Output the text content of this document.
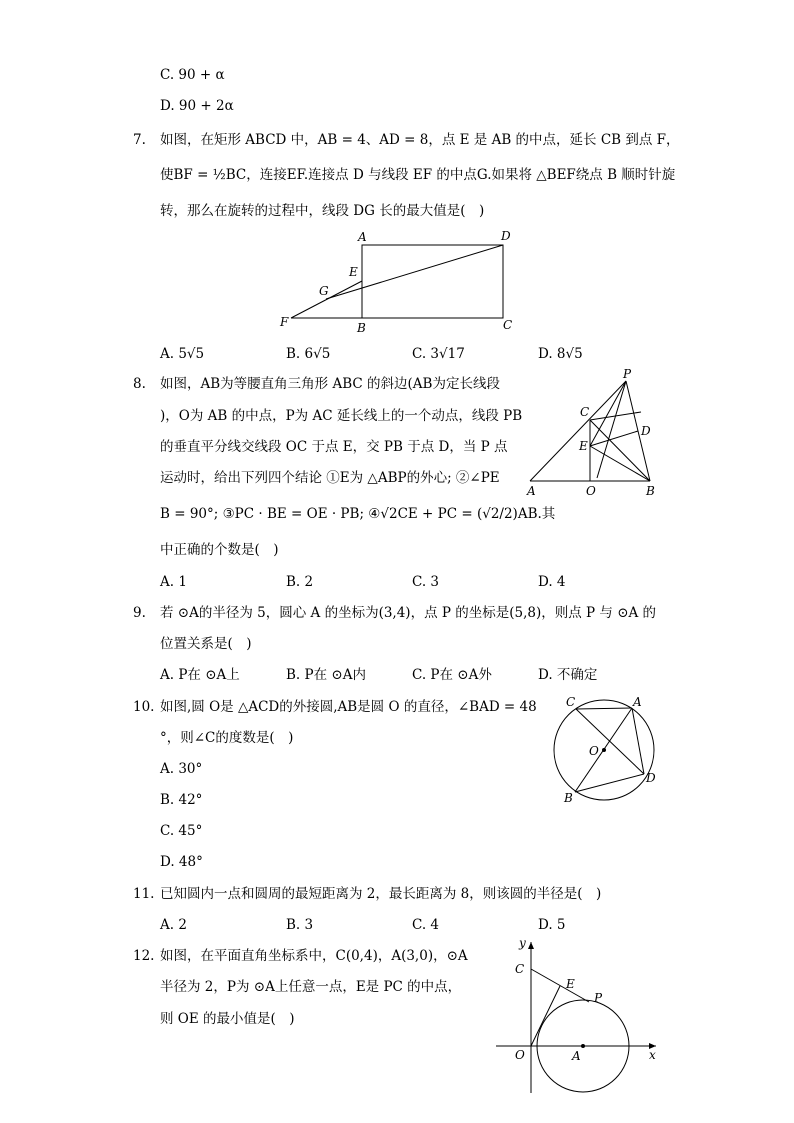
C. 90 + α
D. 90 + 2α
7. 如图，在矩形 ABCD 中，AB = 4、AD = 8，点 E 是 AB 的中点，延长 CB 到点 F，
使BF = ½BC，连接EF.连接点 D 与线段 EF 的中点G.如果将 △BEF绕点 B 顺时针旋
转，那么在旋转的过程中，线段 DG 长的最大值是(　)
A	D
E
G
F	B	C
A. 5√5	B. 6√5	C. 3√17	D. 8√5
8. 如图，AB为等腰直角三角形 ABC 的斜边(AB为定长线段
)，O为 AB 的中点，P为 AC 延长线上的一个动点，线段 PB
的垂直平分线交线段 OC 于点 E，交 PB 于点 D，当 P 点
运动时，给出下列四个结论 ①E为 △ABP的外心; ②∠PE
B = 90°; ③PC · BE = OE · PB; ④√2CE + PC = (√2/2)AB.其
中正确的个数是(　)
P
C
D
E
A	O	B
A. 1	B. 2	C. 3	D. 4
9. 若 ⊙A的半径为 5，圆心 A 的坐标为(3,4)，点 P 的坐标是(5,8)，则点 P 与 ⊙A 的
位置关系是(　)
A. P在 ⊙A上	B. P在 ⊙A内	C. P在 ⊙A外	D. 不确定
10. 如图,圆 O是 △ACD的外接圆,AB是圆 O 的直径，∠BAD = 48
°，则∠C的度数是(　)
A. 30°
B. 42°
C. 45°
D. 48°
C	A
O
D
B
11. 已知圆内一点和圆周的最短距离为 2，最长距离为 8，则该圆的半径是(　)
A. 2	B. 3	C. 4	D. 5
12. 如图，在平面直角坐标系中，C(0,4)，A(3,0)，⊙A
半径为 2，P为 ⊙A上任意一点，E是 PC 的中点，
则 OE 的最小值是(　)
y
C
E
P
O	A	x
